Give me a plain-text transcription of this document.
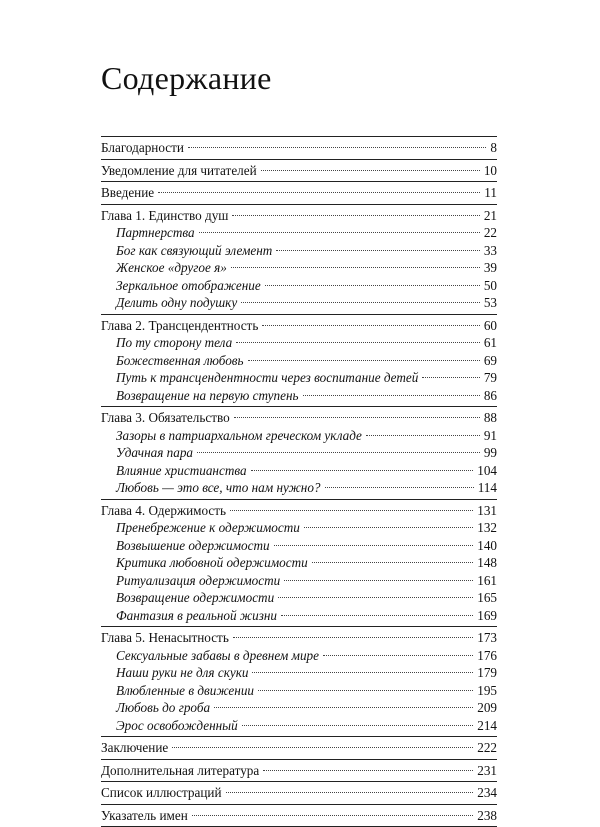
Содержание
Благодарности	8
Уведомление для читателей	10
Введение	11
Глава 1. Единство душ	21
Партнерства	22
Бог как связующий элемент	33
Женское «другое я»	39
Зеркальное отображение	50
Делить одну подушку	53
Глава 2. Трансцендентность	60
По ту сторону тела	61
Божественная любовь	69
Путь к трансцендентности через воспитание детей	79
Возвращение на первую ступень	86
Глава 3. Обязательство	88
Зазоры в патриархальном греческом укладе	91
Удачная пара	99
Влияние христианства	104
Любовь — это все, что нам нужно?	114
Глава 4. Одержимость	131
Пренебрежение к одержимости	132
Возвышение одержимости	140
Критика любовной одержимости	148
Ритуализация одержимости	161
Возвращение одержимости	165
Фантазия в реальной жизни	169
Глава 5. Ненасытность	173
Сексуальные забавы в древнем мире	176
Наши руки не для скуки	179
Влюбленные в движении	195
Любовь до гроба	209
Эрос освобожденный	214
Заключение	222
Дополнительная литература	231
Список иллюстраций	234
Указатель имен	238
